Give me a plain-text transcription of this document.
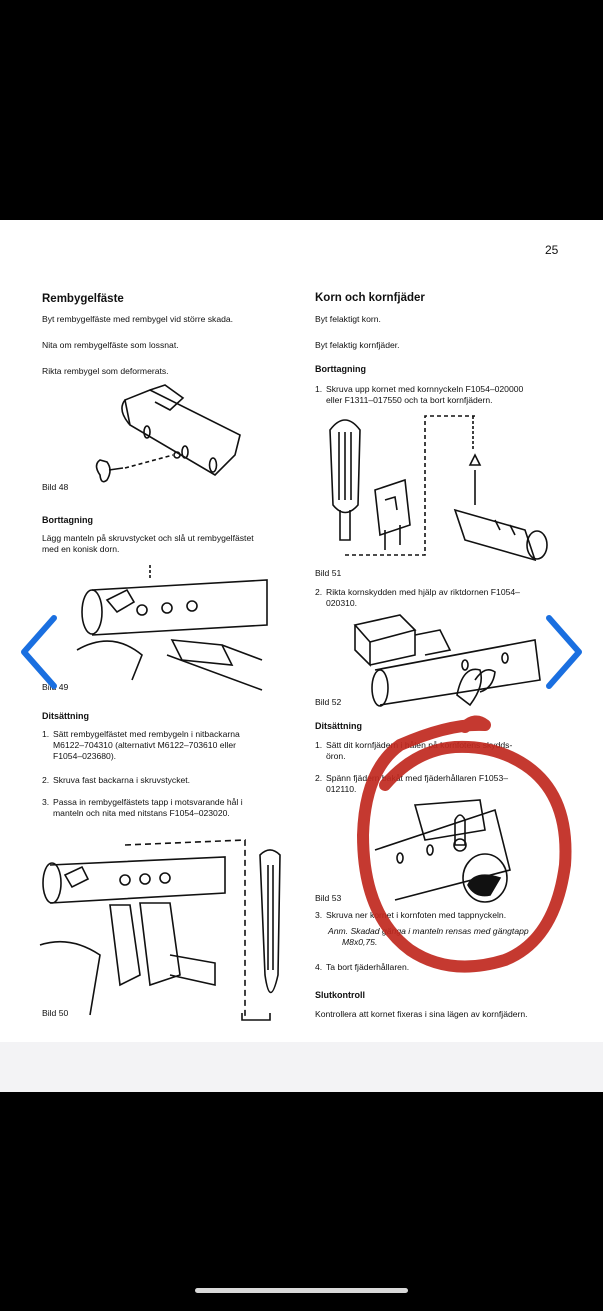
25
Rembygelfäste
Byt rembygelfäste med rembygel vid större skada.
Nita om rembygelfäste som lossnat.
Rikta rembygel som deformerats.
Bild 48
Borttagning
Lägg manteln på skruvstycket och slå ut rembygelfästet
med en konisk dorn.
Bild 49
Ditsättning
1. Sätt rembygelfästet med rembygeln i nitbackarna
M6122–704310 (alternativt M6122–703610 eller
F1054–023680).
2. Skruva fast backarna i skruvstycket.
3. Passa in rembygelfästets tapp i motsvarande hål i
manteln och nita med nitstans F1054–023020.
Bild 50
Korn och kornfjäder
Byt felaktigt korn.
Byt felaktig kornfjäder.
Borttagning
1. Skruva upp kornet med kornnyckeln F1054–020000
eller F1311–017550 och ta bort kornfjädern.
Bild 51
2. Rikta kornskydden med hjälp av riktdornen F1054–
020310.
Bild 52
Ditsättning
1. Sätt dit kornfjädern i hålen på kornfotens skydds-
öron.
2. Spänn fjädern bakåt med fjäderhållaren F1053–
012110.
Bild 53
3. Skruva ner kornet i kornfoten med tappnyckeln.
Anm. Skadad gänga i manteln rensas med gängtapp
M8x0,75.
4. Ta bort fjäderhållaren.
Slutkontroll
Kontrollera att kornet fixeras i sina lägen av kornfjädern.
